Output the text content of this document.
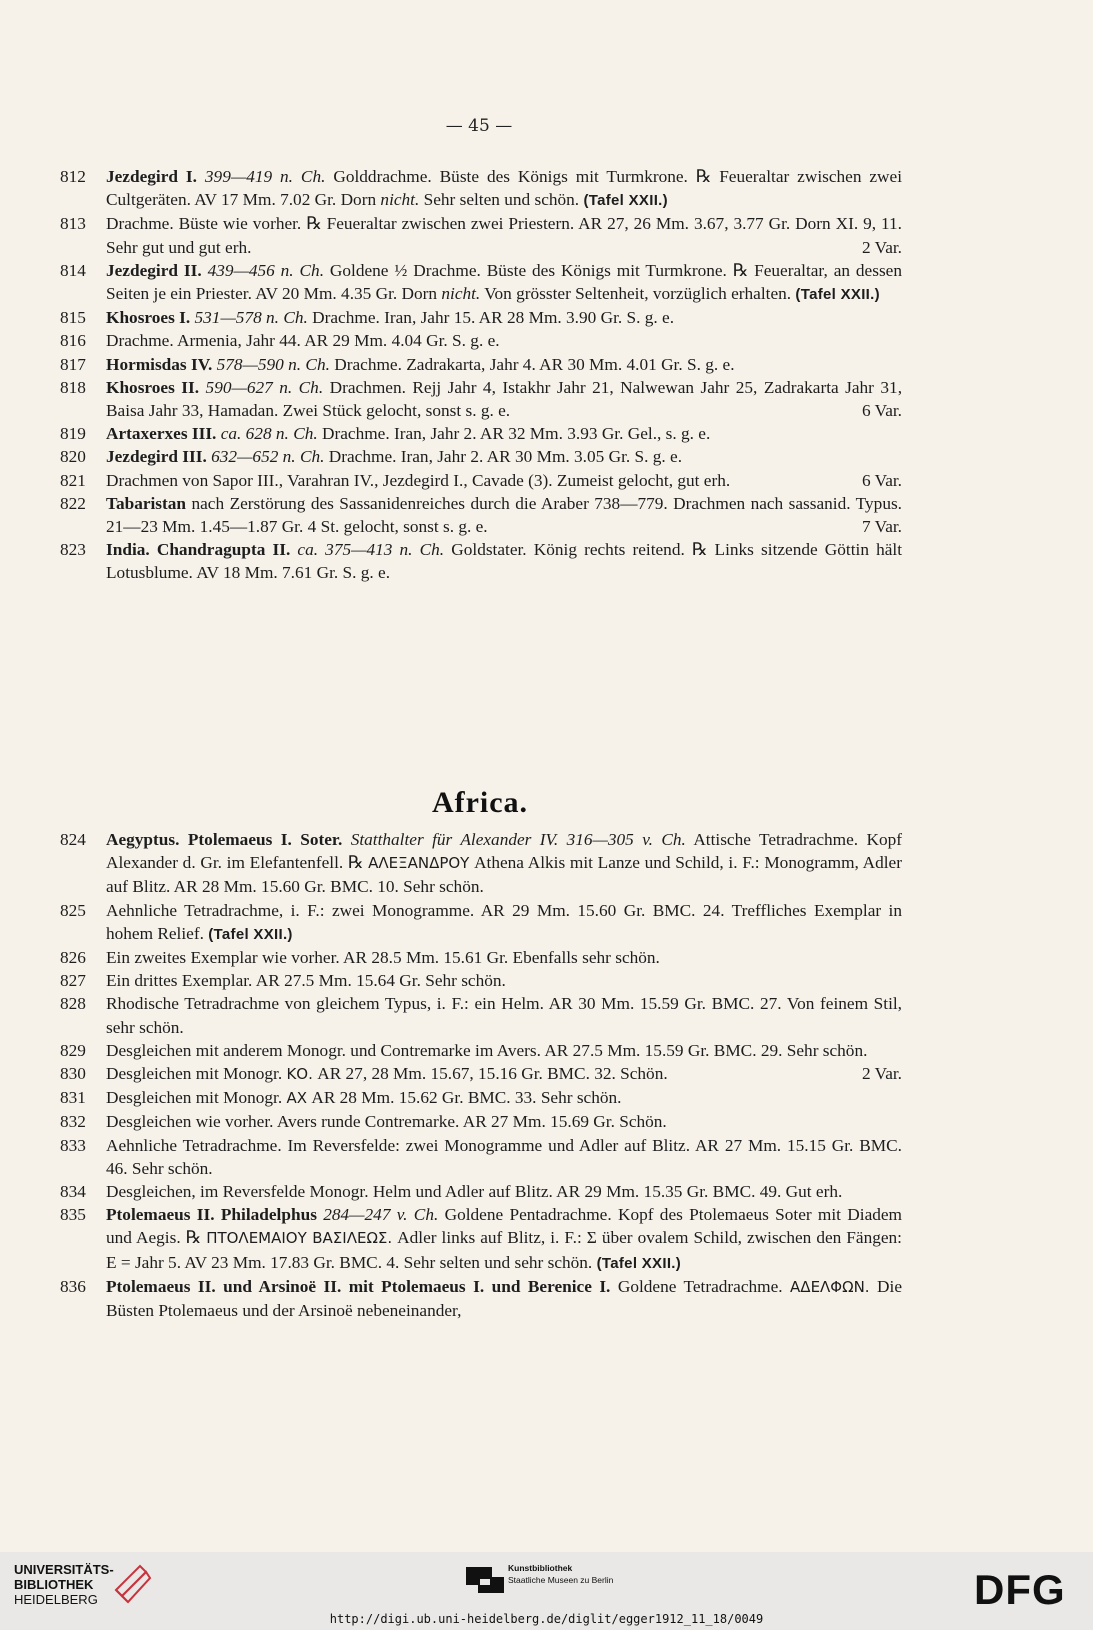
— 45 —
812	Jezdegird I. 399—419 n. Ch. Golddrachme. Büste des Königs mit Turmkrone. ℞ Feueraltar zwischen zwei Cultgeräten. AV 17 Mm. 7.02 Gr. Dorn nicht. Sehr selten und schön. (Tafel XXII.)
813	Drachme. Büste wie vorher. ℞ Feueraltar zwischen zwei Priestern. AR 27, 26 Mm. 3.67, 3.77 Gr. Dorn XI. 9, 11. Sehr gut und gut erh.	2 Var.
814	Jezdegird II. 439—456 n. Ch. Goldene ½ Drachme. Büste des Königs mit Turmkrone. ℞ Feueraltar, an dessen Seiten je ein Priester. AV 20 Mm. 4.35 Gr. Dorn nicht. Von grösster Seltenheit, vorzüglich erhalten. (Tafel XXII.)
815	Khosroes I. 531—578 n. Ch. Drachme. Iran, Jahr 15. AR 28 Mm. 3.90 Gr. S. g. e.
816	Drachme. Armenia, Jahr 44. AR 29 Mm. 4.04 Gr. S. g. e.
817	Hormisdas IV. 578—590 n. Ch. Drachme. Zadrakarta, Jahr 4. AR 30 Mm. 4.01 Gr. S. g. e.
818	Khosroes II. 590—627 n. Ch. Drachmen. Rejj Jahr 4, Istakhr Jahr 21, Nalwewan Jahr 25, Zadrakarta Jahr 31, Baisa Jahr 33, Hamadan. Zwei Stück gelocht, sonst s. g. e.	6 Var.
819	Artaxerxes III. ca. 628 n. Ch. Drachme. Iran, Jahr 2. AR 32 Mm. 3.93 Gr. Gel., s. g. e.
820	Jezdegird III. 632—652 n. Ch. Drachme. Iran, Jahr 2. AR 30 Mm. 3.05 Gr. S. g. e.
821	Drachmen von Sapor III., Varahran IV., Jezdegird I., Cavade (3). Zumeist gelocht, gut erh.	6 Var.
822	Tabaristan nach Zerstörung des Sassanidenreiches durch die Araber 738—779. Drachmen nach sassanid. Typus. 21—23 Mm. 1.45—1.87 Gr. 4 St. gelocht, sonst s. g. e.	7 Var.
823	India. Chandragupta II. ca. 375—413 n. Ch. Goldstater. König rechts reitend. ℞ Links sitzende Göttin hält Lotusblume. AV 18 Mm. 7.61 Gr. S. g. e.
Africa.
824	Aegyptus. Ptolemaeus I. Soter. Statthalter für Alexander IV. 316—305 v. Ch. Attische Tetradrachme. Kopf Alexander d. Gr. im Elefantenfell. ℞ ΑΛΕΞΑΝΔΡΟΥ Athena Alkis mit Lanze und Schild, i. F.: Monogramm, Adler auf Blitz. AR 28 Mm. 15.60 Gr. BMC. 10. Sehr schön.
825	Aehnliche Tetradrachme, i. F.: zwei Monogramme. AR 29 Mm. 15.60 Gr. BMC. 24. Treffliches Exemplar in hohem Relief. (Tafel XXII.)
826	Ein zweites Exemplar wie vorher. AR 28.5 Mm. 15.61 Gr. Ebenfalls sehr schön.
827	Ein drittes Exemplar. AR 27.5 Mm. 15.64 Gr. Sehr schön.
828	Rhodische Tetradrachme von gleichem Typus, i. F.: ein Helm. AR 30 Mm. 15.59 Gr. BMC. 27. Von feinem Stil, sehr schön.
829	Desgleichen mit anderem Monogr. und Contremarke im Avers. AR 27.5 Mm. 15.59 Gr. BMC. 29. Sehr schön.
830	Desgleichen mit Monogr. ΚΟ. AR 27, 28 Mm. 15.67, 15.16 Gr. BMC. 32. Schön.	2 Var.
831	Desgleichen mit Monogr. ΑΧ AR 28 Mm. 15.62 Gr. BMC. 33. Sehr schön.
832	Desgleichen wie vorher. Avers runde Contremarke. AR 27 Mm. 15.69 Gr. Schön.
833	Aehnliche Tetradrachme. Im Reversfelde: zwei Monogramme und Adler auf Blitz. AR 27 Mm. 15.15 Gr. BMC. 46. Sehr schön.
834	Desgleichen, im Reversfelde Monogr. Helm und Adler auf Blitz. AR 29 Mm. 15.35 Gr. BMC. 49. Gut erh.
835	Ptolemaeus II. Philadelphus 284—247 v. Ch. Goldene Pentadrachme. Kopf des Ptolemaeus Soter mit Diadem und Aegis. ℞ ΠΤΟΛΕΜΑΙΟΥ ΒΑΣΙΛΕΩΣ. Adler links auf Blitz, i. F.: Σ über ovalem Schild, zwischen den Fängen: Ε = Jahr 5. AV 23 Mm. 17.83 Gr. BMC. 4. Sehr selten und sehr schön. (Tafel XXII.)
836	Ptolemaeus II. und Arsinoë II. mit Ptolemaeus I. und Berenice I. Goldene Tetradrachme. ΑΔΕΛΦΩΝ. Die Büsten Ptolemaeus und der Arsinoë nebeneinander,
UNIVERSITÄTS-
BIBLIOTHEK
HEIDELBERG
Kunstbibliothek
Staatliche Museen zu Berlin	DFG
http://digi.ub.uni-heidelberg.de/diglit/egger1912_11_18/0049
